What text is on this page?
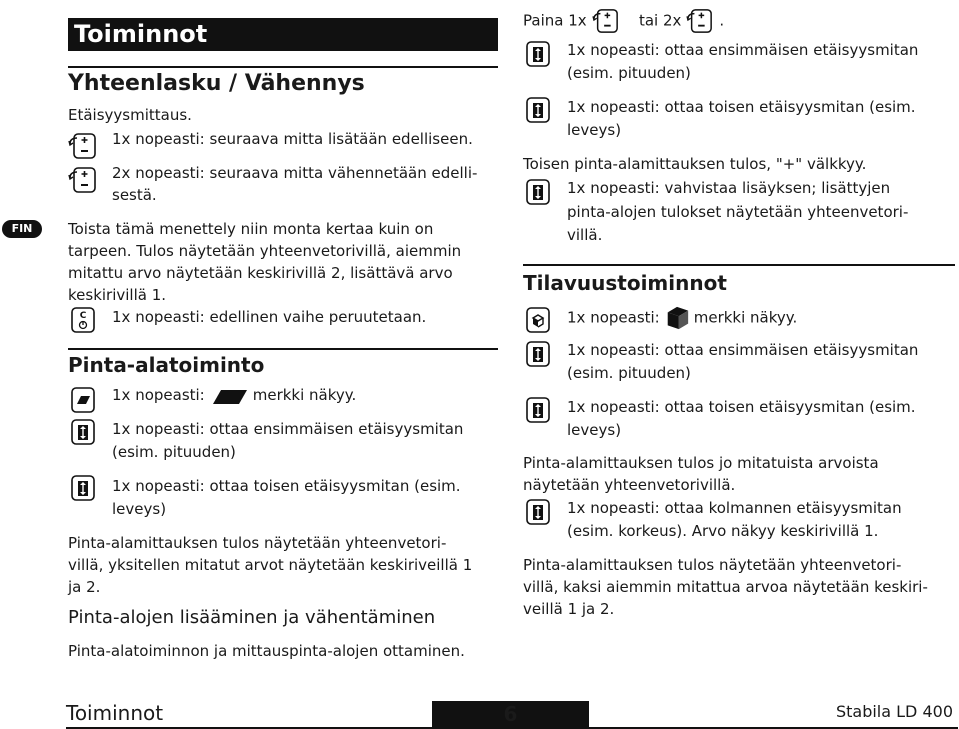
FIN
Toiminnot
Yhteenlasku / Vähennys
Etäisyysmittaus.
1x nopeasti: seuraava mitta lisätään edelliseen.
2x nopeasti: seuraava mitta vähennetään edelli-
sestä.
Toista tämä menettely niin monta kertaa kuin on
tarpeen. Tulos näytetään yhteenvetorivillä, aiemmin
mitattu arvo näytetään keskirivillä 2, lisättävä arvo
keskirivillä 1.
1x nopeasti: edellinen vaihe peruutetaan.
Pinta-alatoiminto
1x nopeasti:	merkki näkyy.
1x nopeasti: ottaa ensimmäisen etäisyysmitan
(esim. pituuden)
1x nopeasti: ottaa toisen etäisyysmitan (esim.
leveys)
Pinta-alamittauksen tulos näytetään yhteenvetori-
villä, yksitellen mitatut arvot näytetään keskiriveillä 1
ja 2.
Pinta-alojen lisääminen ja vähentäminen
Pinta-alatoiminnon ja mittauspinta-alojen ottaminen.
Paina 1x	tai 2x	.
1x nopeasti: ottaa ensimmäisen etäisyysmitan
(esim. pituuden)
1x nopeasti: ottaa toisen etäisyysmitan (esim.
leveys)
Toisen pinta-alamittauksen tulos, "+" välkkyy.
1x nopeasti: vahvistaa lisäyksen; lisättyjen
pinta-alojen tulokset näytetään yhteenvetori-
villä.
Tilavuustoiminnot
1x nopeasti: merkki näkyy.
1x nopeasti: ottaa ensimmäisen etäisyysmitan
(esim. pituuden)
1x nopeasti: ottaa toisen etäisyysmitan (esim.
leveys)
Pinta-alamittauksen tulos jo mitatuista arvoista
näytetään yhteenvetorivillä.
1x nopeasti: ottaa kolmannen etäisyysmitan
(esim. korkeus). Arvo näkyy keskirivillä 1.
Pinta-alamittauksen tulos näytetään yhteenvetori-
villä, kaksi aiemmin mitattua arvoa näytetään keskiri-
veillä 1 ja 2.
Toiminnot	6	Stabila LD 400
